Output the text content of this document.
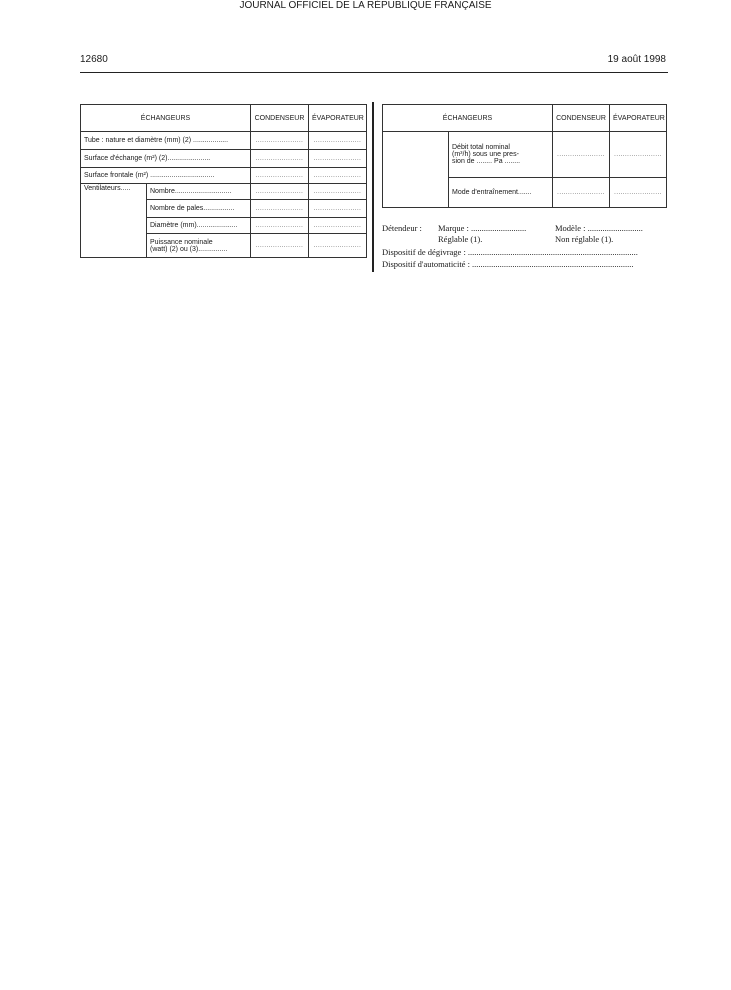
12680
JOURNAL OFFICIEL DE LA RÉPUBLIQUE FRANÇAISE
19 août 1998
ÉCHANGEURS		CONDENSEUR	ÉVAPORATEUR
Tube : nature et diamètre (mm) (2) ..................		......................	......................
Surface d'échange (m²) (2)......................		......................	......................
Surface frontale (m²) .................................		......................	......................
Ventilateurs.....	Nombre.............................	......................	......................
	Nombre de pales................	......................	......................
	Diamètre (mm).....................	......................	......................

	Puissance nominale
(watt) (2) ou (3)...............	......................	......................
ÉCHANGEURS		CONDENSEUR	ÉVAPORATEUR

	Débit total nominal
(m³/h) sous une pres-
sion de ........ Pa ........	......................	......................
	Mode d'entraînement.......	......................	......................
Détendeur : Marque : ..........................	Modèle : ..........................
Réglable (1).	Non réglable (1).
Dispositif de dégivrage : ................................................................................
Dispositif d'automaticité : ............................................................................
